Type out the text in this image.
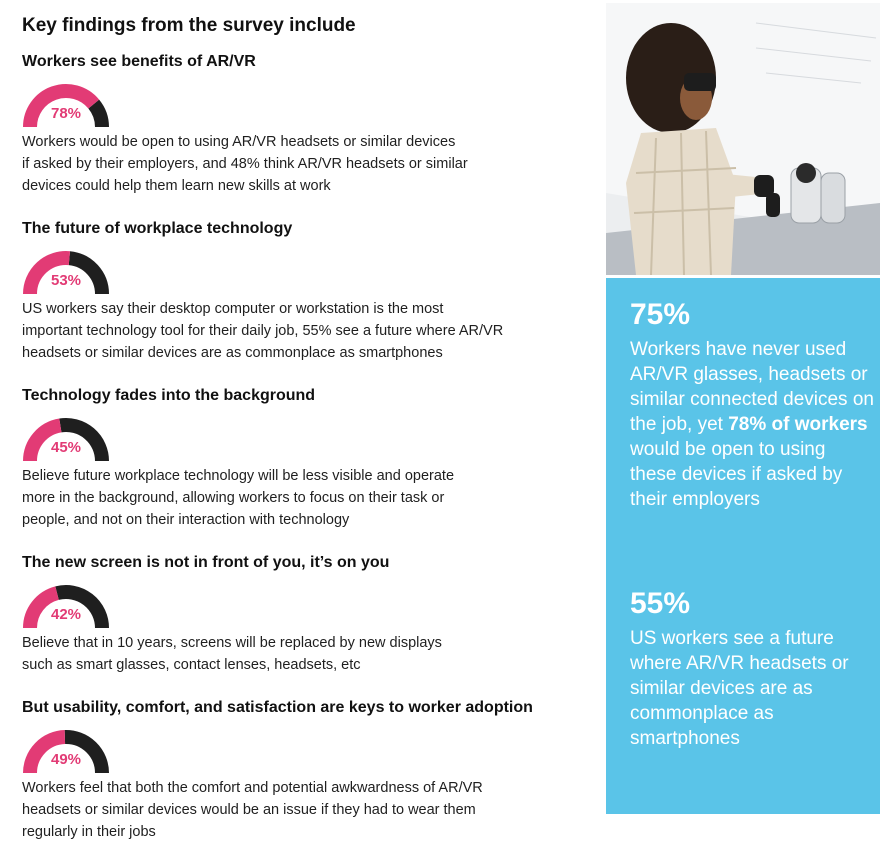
Key findings from the survey include
Workers see benefits of AR/VR
78%

Workers would be open to using AR/VR headsets or similar devices
if asked by their employers, and 48% think AR/VR headsets or similar
devices could help them learn new skills at work

The future of workplace technology
53%

US workers say their desktop computer or workstation is the most
important technology tool for their daily job, 55% see a future where AR/VR
headsets or similar devices are as commonplace as smartphones

Technology fades into the background
45%

Believe future workplace technology will be less visible and operate
more in the background, allowing workers to focus on their task or
people, and not on their interaction with technology

The new screen is not in front of you, it’s on you
42%

Believe that in 10 years, screens will be replaced by new displays
such as smart glasses, contact lenses, headsets, etc

But usability, comfort, and satisfaction are keys to worker adoption
49%

Workers feel that both the comfort and potential awkwardness of AR/VR
headsets or similar devices would be an issue if they had to wear them
regularly in their jobs

75%

Workers have never used AR/VR glasses, headsets or similar connected devices on the job, yet 78% of workers would be open to using these devices if asked by their employers

55%

US workers see a future where AR/VR headsets or similar devices are as commonplace as smartphones
